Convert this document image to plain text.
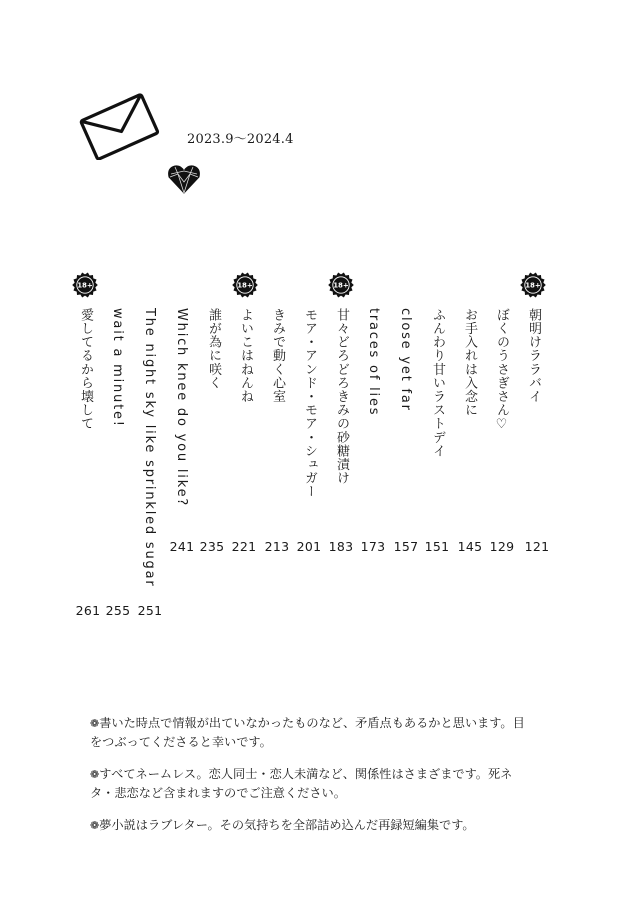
2023.9〜2024.4
18+
朝明けララバイ
121
ぼくのうさぎさん♡
129
お手入れは入念に
145
ふんわり甘いラストデイ
151
close yet far
157
traces of lies
173
18+
甘々どろどろきみの砂糖漬け
183
モア・アンド・モア・シュガー
201
きみで動く心室
213
18+
よいこはねんね
221
誰が為に咲く
235
Which knee do you like?
241
The night sky like sprinkled sugar
251
wait a minute!
255
18+
愛してるから壊して
261

❁書いた時点で情報が出ていなかったものなど、矛盾点もあるかと思います。目をつぶってくださると幸いです。

❁すべてネームレス。恋人同士・恋人未満など、関係性はさまざまです。死ネタ・悲恋など含まれますのでご注意ください。

❁夢小説はラブレター。その気持ちを全部詰め込んだ再録短編集です。
